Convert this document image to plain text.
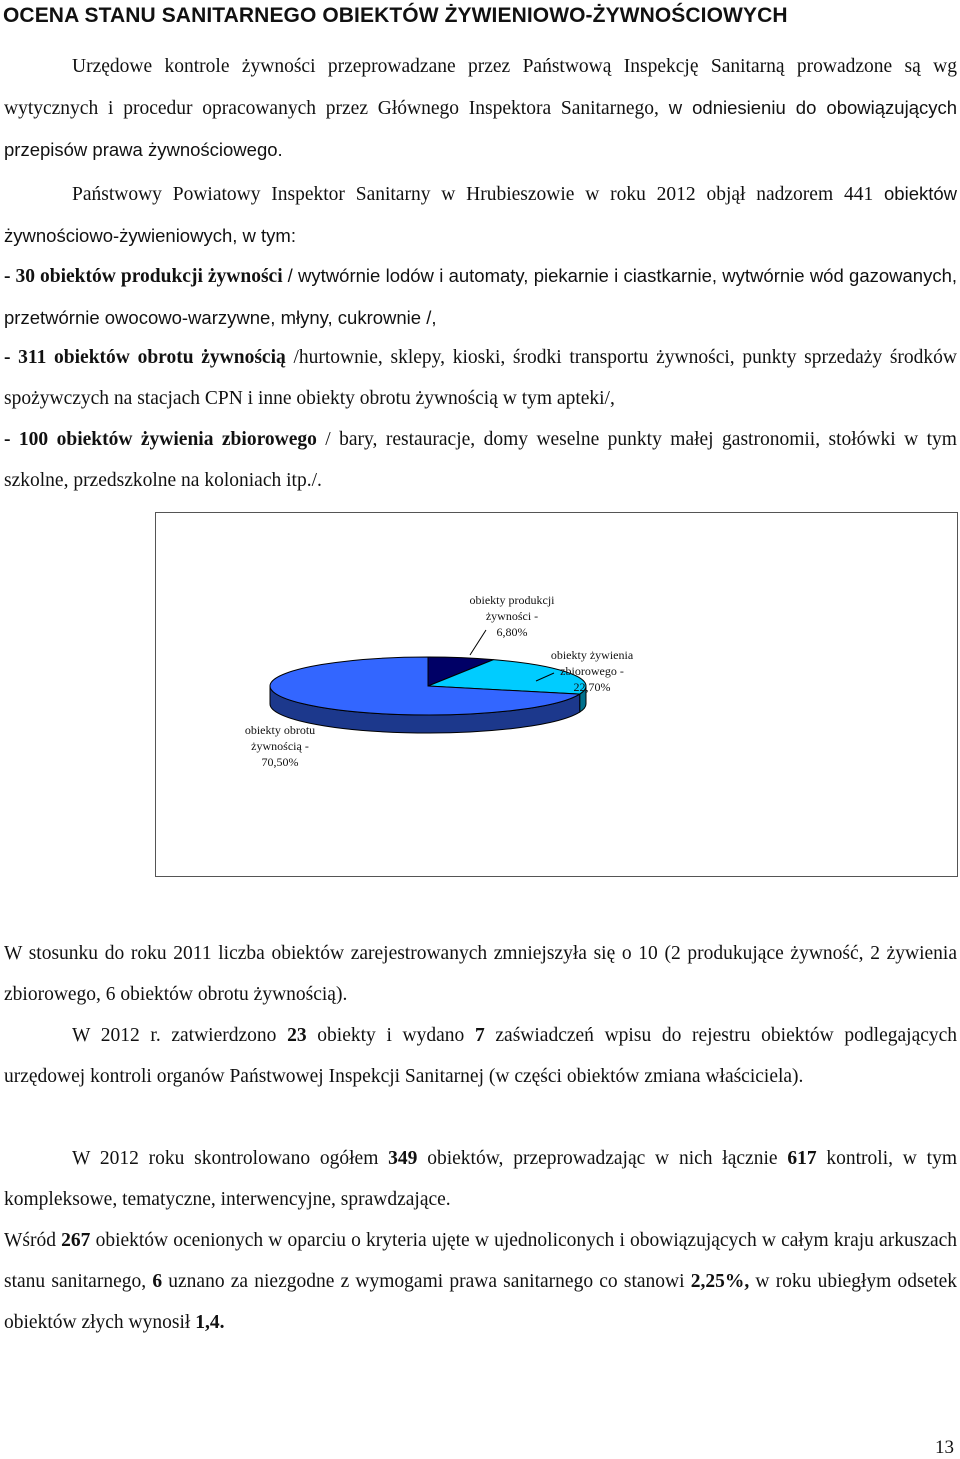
OCENA STANU SANITARNEGO OBIEKTÓW ŻYWIENIOWO-ŻYWNOŚCIOWYCH

Urzędowe kontrole żywności przeprowadzane przez Państwową Inspekcję Sanitarną prowadzone są wg wytycznych i procedur opracowanych przez Głównego Inspektora Sanitarnego, w odniesieniu do obowiązujących przepisów prawa żywnościowego.

Państwowy Powiatowy Inspektor Sanitarny w Hrubieszowie w roku 2012 objął nadzorem 441 obiektów żywnościowo-żywieniowych, w tym:

- 30 obiektów produkcji żywności / wytwórnie lodów i automaty, piekarnie i ciastkarnie, wytwórnie wód gazowanych, przetwórnie owocowo-warzywne, młyny, cukrownie /,

- 311 obiektów obrotu żywnością /hurtownie, sklepy, kioski, środki transportu żywności, punkty sprzedaży środków spożywczych na stacjach CPN i inne obiekty obrotu żywnością w tym apteki/,

- 100 obiektów żywienia zbiorowego / bary, restauracje, domy weselne punkty małej gastronomii, stołówki w tym szkolne, przedszkolne na koloniach itp./.

obiekty produkcji żywności -6,80%
obiekty żywienia zbiorowego -22,70%
obiekty obrotu żywnością -70,50%

W stosunku do roku 2011 liczba obiektów zarejestrowanych zmniejszyła się o 10 (2 produkujące żywność, 2 żywienia zbiorowego, 6 obiektów obrotu żywnością).

W 2012 r. zatwierdzono 23 obiekty i wydano 7 zaświadczeń wpisu do rejestru obiektów podlegających urzędowej kontroli organów Państwowej Inspekcji Sanitarnej (w części obiektów zmiana właściciela).

W 2012 roku skontrolowano ogółem 349 obiektów, przeprowadzając w nich łącznie 617 kontroli, w tym kompleksowe, tematyczne, interwencyjne, sprawdzające.

Wśród 267 obiektów ocenionych w oparciu o kryteria ujęte w ujednoliconych i obowiązujących w całym kraju arkuszach stanu sanitarnego, 6 uznano za niezgodne z wymogami prawa sanitarnego co stanowi 2,25%, w roku ubiegłym odsetek obiektów złych wynosił 1,4.

13
